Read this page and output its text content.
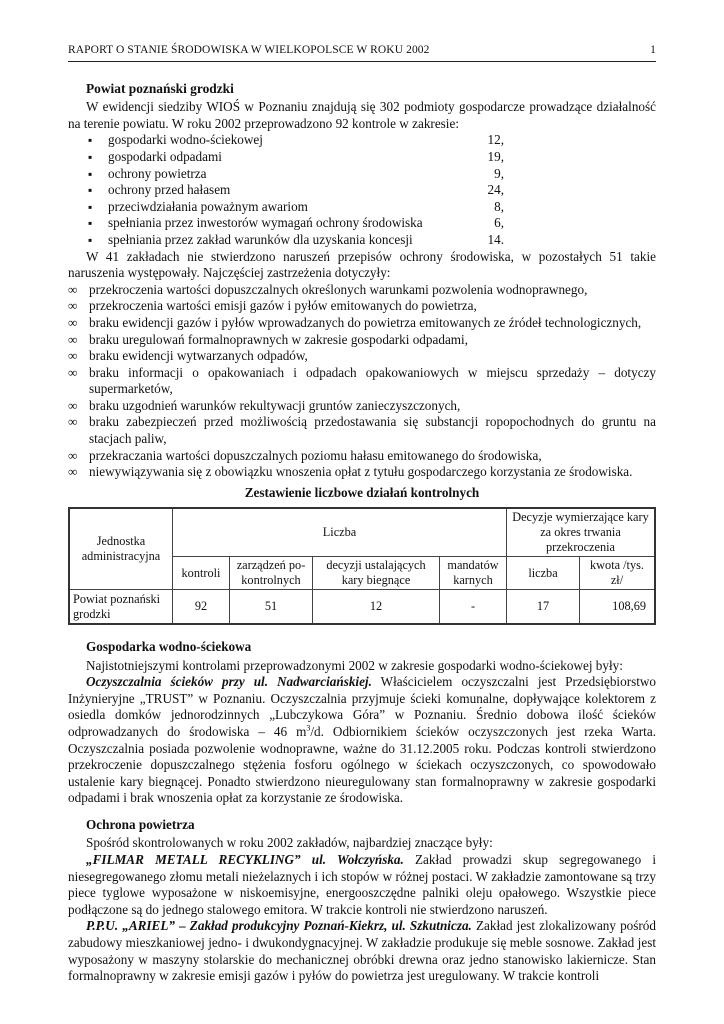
RAPORT O STANIE ŚRODOWISKA W WIELKOPOLSCE W ROKU 2002	1
Powiat poznański grodzki

W ewidencji siedziby WIOŚ w Poznaniu znajdują się 302 podmioty gospodarcze prowadzące działalność na terenie powiatu. W roku 2002 przeprowadzono 92 kontrole w zakresie:

▪ gospodarki wodno-ściekowej	12,
▪ gospodarki odpadami	19,
▪ ochrony powietrza	9,
▪ ochrony przed hałasem	24,
▪ przeciwdziałania poważnym awariom	8,
▪ spełniania przez inwestorów wymagań ochrony środowiska	6,
▪ spełniania przez zakład warunków dla uzyskania koncesji	14.

W 41 zakładach nie stwierdzono naruszeń przepisów ochrony środowiska, w pozostałych 51 takie naruszenia występowały. Najczęściej zastrzeżenia dotyczyły:

∞ przekroczenia wartości dopuszczalnych określonych warunkami pozwolenia wodnoprawnego,
∞ przekroczenia wartości emisji gazów i pyłów emitowanych do powietrza,
∞ braku ewidencji gazów i pyłów wprowadzanych do powietrza emitowanych ze źródeł technologicznych,
∞ braku uregulowań formalnoprawnych w zakresie gospodarki odpadami,
∞ braku ewidencji wytwarzanych odpadów,
∞ braku informacji o opakowaniach i odpadach opakowaniowych w miejscu sprzedaży – dotyczy supermarketów,
∞ braku uzgodnień warunków rekultywacji gruntów zanieczyszczonych,
∞ braku zabezpieczeń przed możliwością przedostawania się substancji ropopochodnych do gruntu na stacjach paliw,
∞ przekraczania wartości dopuszczalnych poziomu hałasu emitowanego do środowiska,
∞ niewywiązywania się z obowiązku wnoszenia opłat z tytułu gospodarczego korzystania ze środowiska.
Zestawienie liczbowe działań kontrolnych
Jednostka administracyjna	Liczba				Decyzje wymierzające kary za okres trwania przekroczenia	
	kontroli	zarządzeń po-kontrolnych	decyzji ustalających kary biegnące	mandatów karnych	liczba	kwota /tys. zł/
Powiat poznański grodzki	92	51	12	-	17	108,69
Gospodarka wodno-ściekowa

Najistotniejszymi kontrolami przeprowadzonymi 2002 w zakresie gospodarki wodno-ściekowej były:

Oczyszczalnia ścieków przy ul. Nadwarciańskiej. Właścicielem oczyszczalni jest Przedsiębiorstwo Inżynieryjne „TRUST” w Poznaniu. Oczyszczalnia przyjmuje ścieki komunalne, dopływające kolektorem z osiedla domków jednorodzinnych „Lubczykowa Góra” w Poznaniu. Średnio dobowa ilość ścieków odprowadzanych do środowiska – 46 $m^3/d$. Odbiornikiem ścieków oczyszczonych jest rzeka Warta. Oczyszczalnia posiada pozwolenie wodnoprawne, ważne do 31.12.2005 roku. Podczas kontroli stwierdzono przekroczenie dopuszczalnego stężenia fosforu ogólnego w ściekach oczyszczonych, co spowodowało ustalenie kary biegnącej. Ponadto stwierdzono nieuregulowany stan formalnoprawny w zakresie gospodarki odpadami i brak wnoszenia opłat za korzystanie ze środowiska.

Ochrona powietrza

Spośród skontrolowanych w roku 2002 zakładów, najbardziej znaczące były:

„FILMAR METALL RECYKLING” ul. Wołczyńska. Zakład prowadzi skup segregowanego i niesegregowanego złomu metali nieżelaznych i ich stopów w różnej postaci. W zakładzie zamontowane są trzy piece tyglowe wyposażone w niskoemisyjne, energooszczędne palniki oleju opałowego. Wszystkie piece podłączone są do jednego stalowego emitora. W trakcie kontroli nie stwierdzono naruszeń.

P.P.U. „ARIEL” – Zakład produkcyjny Poznań-Kiekrz, ul. Szkutnicza. Zakład jest zlokalizowany pośród zabudowy mieszkaniowej jedno- i dwukondygnacyjnej. W zakładzie produkuje się meble sosnowe. Zakład jest wyposażony w maszyny stolarskie do mechanicznej obróbki drewna oraz jedno stanowisko lakiernicze. Stan formalnoprawny w zakresie emisji gazów i pyłów do powietrza jest uregulowany. W trakcie kontroli
